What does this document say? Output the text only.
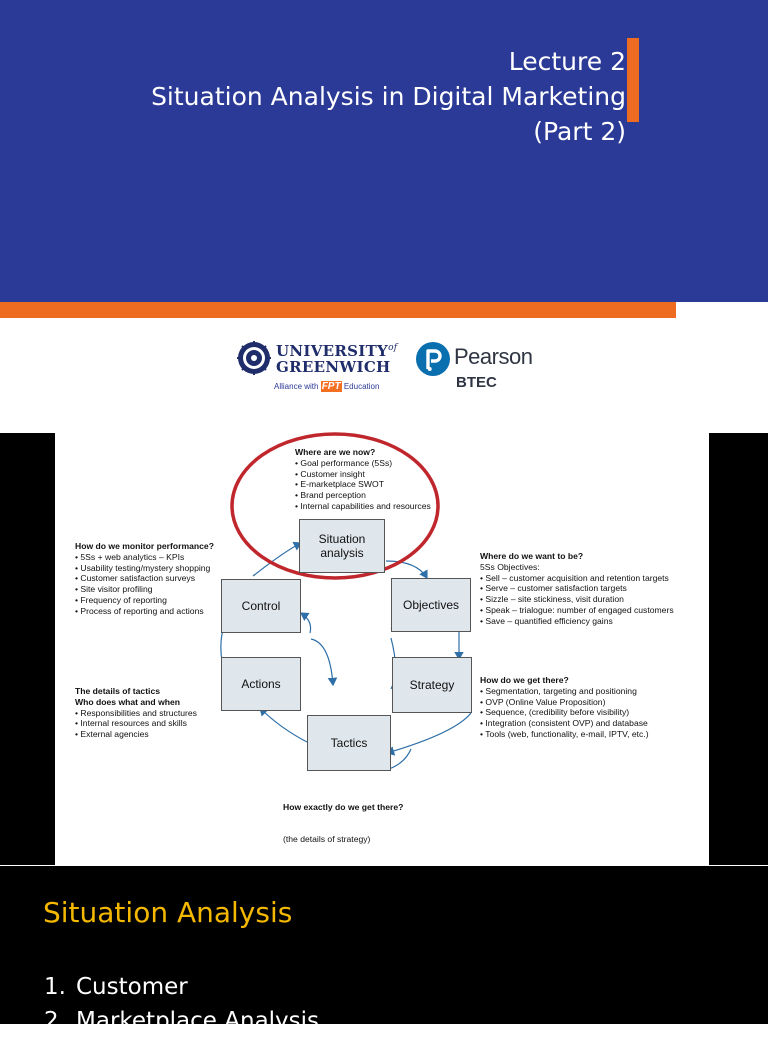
Lecture 2
Situation Analysis in Digital Marketing
(Part 2)
$UNIVERSITY^{of}$
GREENWICH
Alliance with FPT Education
Pearson
BTEC
Situation
analysis
Objectives
Strategy
Tactics
Actions
Control
Where are we now?
• Goal performance (5Ss)
• Customer insight
• E-marketplace SWOT
• Brand perception
• Internal capabilities and resources
How do we monitor performance?
• 5Ss + web analytics – KPIs
• Usability testing/mystery shopping
• Customer satisfaction surveys
• Site visitor profiling
• Frequency of reporting
• Process of reporting and actions
Where do we want to be?
5Ss Objectives:
• Sell – customer acquisition and retention targets
• Serve – customer satisfaction targets
• Sizzle – site stickiness, visit duration
• Speak – trialogue: number of engaged customers
• Save – quantified efficiency gains
How do we get there?
• Segmentation, targeting and positioning
• OVP (Online Value Proposition)
• Sequence, (credibility before visibility)
• Integration (consistent OVP) and database
• Tools (web, functionality, e-mail, IPTV, etc.)
The details of tactics
Who does what and when
• Responsibilities and structures
• Internal resources and skills
• External agencies

How exactly do we get there?

(the details of strategy)

Situation Analysis
1. Customer
2. Marketplace Analysis
